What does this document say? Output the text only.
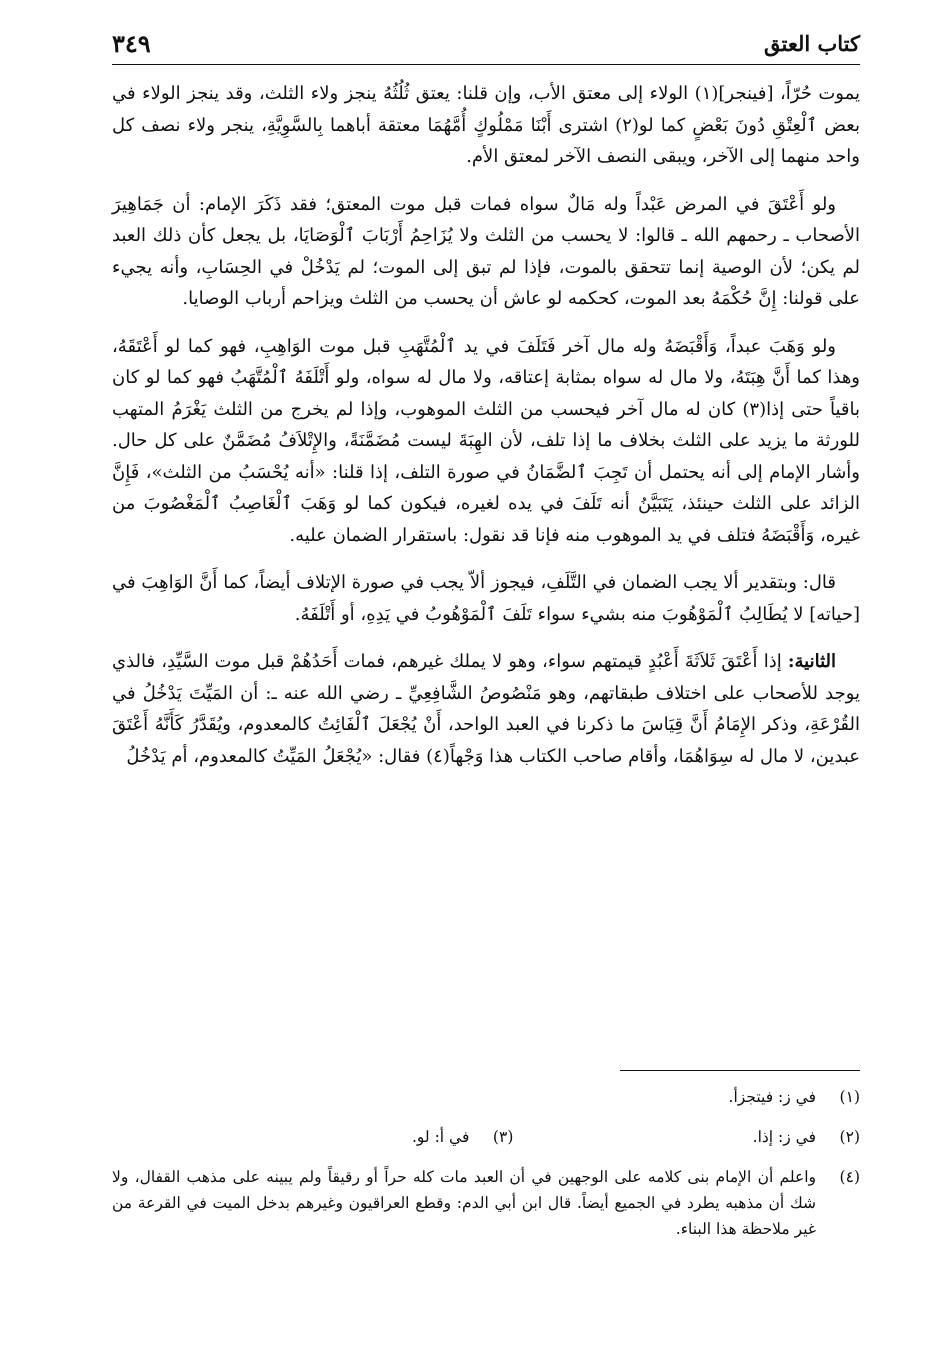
كتاب العتق
٣٤٩

يموت حُرّاً، [فينجر](١) الولاء إلى معتق الأب، وإن قلنا: يعتق ثُلُثُهُ ينجز ولاء الثلث، وقد ينجز الولاء في بعض ٱلْعِتْقِ دُونَ بَعْضٍ كما لو(٢) اشترى أَبْنَا مَمْلُوكٍ أُمَّهُمَا معتقة أباهما بِالسَّوِيَّةِ، ينجر ولاء نصف كل واحد منهما إلى الآخر، ويبقى النصف الآخر لمعتق الأم.

ولو أَعْتَقَ في المرض عَبْداً وله مَالٌ سواه فمات قبل موت المعتق؛ فقد ذَكَرَ الإمام: أن جَمَاهِيرَ الأصحاب ـ رحمهم الله ـ قالوا: لا يحسب من الثلث ولا يُزَاحِمُ أَرْبَابَ ٱلْوَصَايَا، بل يجعل كأن ذلك العبد لم يكن؛ لأن الوصية إنما تتحقق بالموت، فإذا لم تبق إلى الموت؛ لم يَدْخُلْ في الحِسَابِ، وأنه يجيء على قولنا: إِنَّ حُكْمَهُ بعد الموت، كحكمه لو عاش أن يحسب من الثلث ويزاحم أرباب الوصايا.

ولو وَهَبَ عبداً، وَأَقْبَضَهُ وله مال آخر فَتَلَفَ في يد ٱلْمُتَّهَبِ قبل موت الوَاهِبِ، فهو كما لو أَعْتَقَهُ، وهذا كما أَنَّ هِبَتَهُ، ولا مال له سواه بمثابة إعتاقه، ولا مال له سواه، ولو أَتْلَفَهُ ٱلْمُتَّهَبُ فهو كما لو كان باقياً حتى إذا(٣) كان له مال آخر فيحسب من الثلث الموهوب، وإذا لم يخرج من الثلث يَغْرَمُ المتهب للورثة ما يزيد على الثلث بخلاف ما إذا تلف، لأن الهِبَةَ ليست مُضَمَّنَةً، والإِتْلاَفُ مُضَمَّنٌ على كل حال. وأشار الإمام إلى أنه يحتمل أن تَجِبَ ٱلضَّمَانُ في صورة التلف، إذا قلنا: «أنه يُحْسَبُ من الثلث»، فَإِنَّ الزائد على الثلث حينئذ، يَتَبَيَّنُ أنه تَلَفَ في يده لغيره، فيكون كما لو وَهَبَ ٱلْغَاصِبُ ٱلْمَغْصُوبَ من غيره، وَأَقْبَضَهُ فتلف في يد الموهوب منه فإنا قد نقول: باستقرار الضمان عليه.

قال: وبتقدير ألا يجب الضمان في التَّلَفِ، فيجوز ألاّ يجب في صورة الإتلاف أيضاً، كما أَنَّ الوَاهِبَ في [حياته] لا يُطَالِبُ ٱلْمَوْهُوبَ منه بشيء سواء تَلَفَ ٱلْمَوْهُوبُ في يَدِهِ، أو أَتْلَفَهُ.

الثانية: إذا أَعْتَقَ ثَلاَثَةَ أَعْبُدٍ قيمتهم سواء، وهو لا يملك غيرهم، فمات أَحَدُهُمْ قبل موت السَّيِّدِ، فالذي يوجد للأصحاب على اختلاف طبقاتهم، وهو مَنْصُوصُ الشَّافِعِيِّ ـ رضي الله عنه ـ: أن المَيِّتَ يَدْخُلُ في القُرْعَةِ، وذكر الإِمَامُ أَنَّ قِيَاسَ ما ذكرنا في العبد الواحد، أَنْ يُجْعَلَ ٱلْفَائِتُ كالمعدوم، ويُقَدَّرُ كَأَنَّهُ أَعْتَقَ عبدين، لا مال له سِوَاهُمَا، وأقام صاحب الكتاب هذا وَجْهاً(٤) فقال: «يُجْعَلُ المَيِّتُ كالمعدوم، أم يَدْخُلُ

(١)
في ز: فيتجزأ.
(٢)
في ز: إذا.
(٣)
في أ: لو.
(٤)
واعلم أن الإمام بنى كلامه على الوجهين في أن العبد مات كله حراً أو رقيقاً ولم يبينه على مذهب القفال، ولا شك أن مذهبه يطرد في الجميع أيضاً. قال ابن أبي الدم: وقطع العراقيون وغيرهم بدخل الميت في القرعة من غير ملاحظة هذا البناء.
